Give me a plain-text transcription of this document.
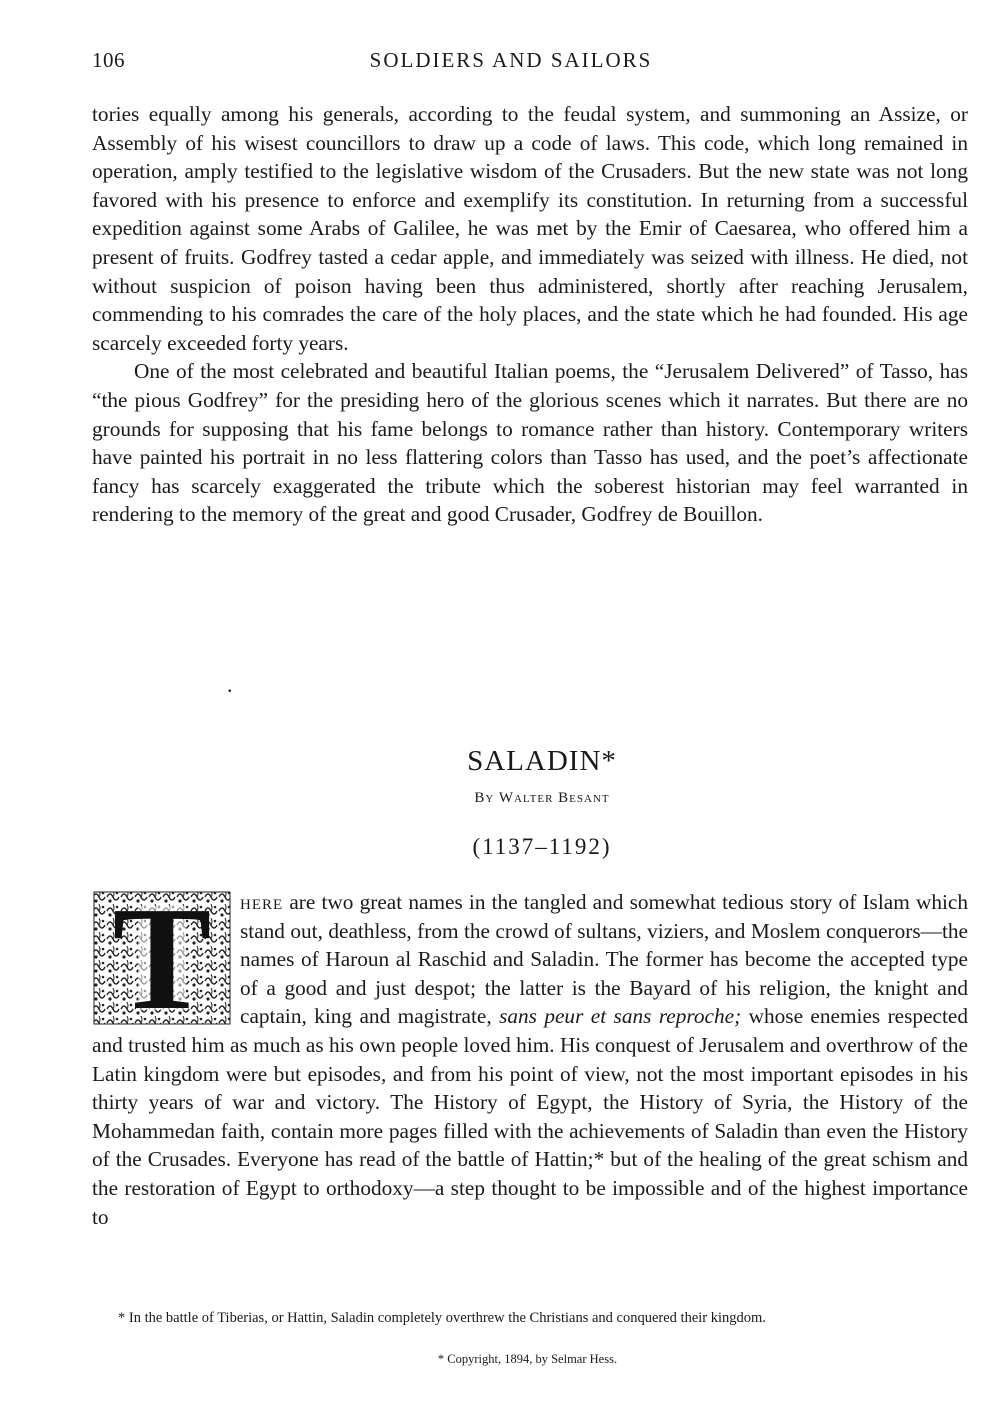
106	SOLDIERS AND SAILORS

tories equally among his generals, according to the feudal system, and summoning an Assize, or Assembly of his wisest councillors to draw up a code of laws. This code, which long remained in operation, amply testified to the legislative wisdom of the Crusaders. But the new state was not long favored with his presence to enforce and exemplify its constitution. In returning from a successful expedition against some Arabs of Galilee, he was met by the Emir of Caesarea, who offered him a present of fruits. Godfrey tasted a cedar apple, and immediately was seized with illness. He died, not without suspicion of poison having been thus administered, shortly after reaching Jerusalem, commending to his comrades the care of the holy places, and the state which he had founded. His age scarcely exceeded forty years.

One of the most celebrated and beautiful Italian poems, the “Jerusalem Delivered” of Tasso, has “the pious Godfrey” for the presiding hero of the glorious scenes which it narrates. But there are no grounds for supposing that his fame belongs to romance rather than history. Contemporary writers have painted his portrait in no less flattering colors than Tasso has used, and the poet’s affectionate fancy has scarcely exaggerated the tribute which the soberest historian may feel warranted in rendering to the memory of the great and good Crusader, Godfrey de Bouillon.

.
SALADIN*
By Walter Besant
(1137–1192)

T here are two great names in the tangled and somewhat tedious story of Islam which stand out, deathless, from the crowd of sultans, viziers, and Moslem conquerors—the names of Haroun al Raschid and Saladin. The former has become the accepted type of a good and just despot; the latter is the Bayard of his religion, the knight and captain, king and magistrate, sans peur et sans reproche; whose enemies respected and trusted him as much as his own people loved him. His conquest of Jerusalem and overthrow of the Latin kingdom were but episodes, and from his point of view, not the most important episodes in his thirty years of war and victory. The History of Egypt, the History of Syria, the History of the Mohammedan faith, contain more pages filled with the achievements of Saladin than even the History of the Crusades. Everyone has read of the battle of Hattin;* but of the healing of the great schism and the restoration of Egypt to orthodoxy—a step thought to be impossible and of the highest importance to

* In the battle of Tiberias, or Hattin, Saladin completely overthrew the Christians and conquered their kingdom.
* Copyright, 1894, by Selmar Hess.
